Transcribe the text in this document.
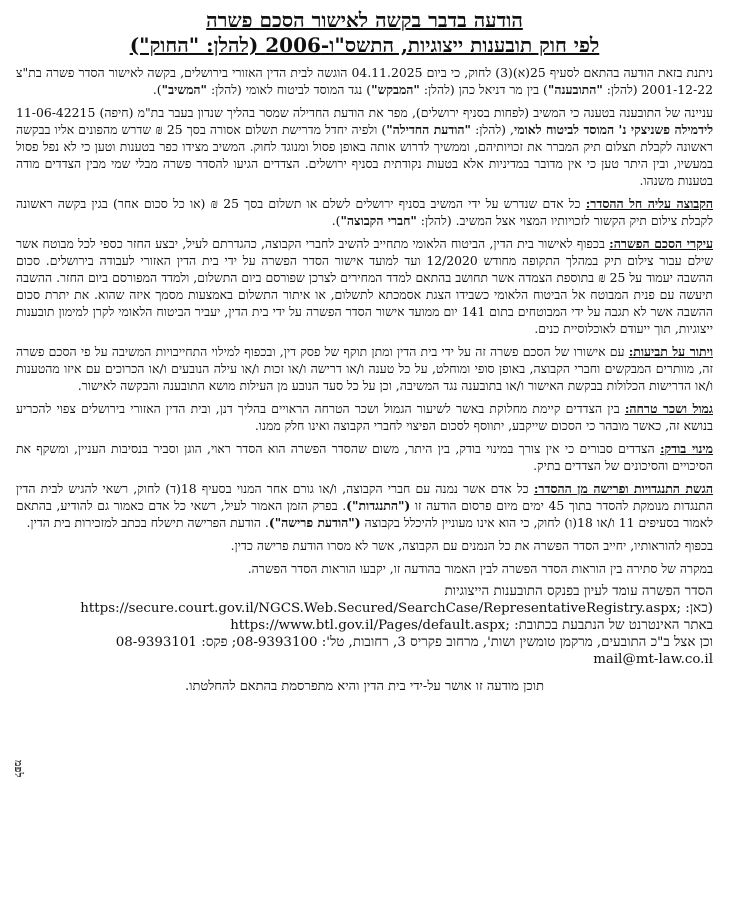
הודעה בדבר בקשה לאישור הסכם פשרה
לפי חוק תובענות ייצוגיות, התשס"ו-2006 (להלן: "החוק")

ניתנת בזאת הודעה בהתאם לסעיף 25(א)(3) לחוק, כי ביום 04.11.2025 הוגשה לבית הדין האזורי בירושלים, בקשה לאישור הסדר פשרה בת"צ 2001-12-22 (להלן: "התובענה") בין מר דניאל כהן (להלן: "המבקש") נגד המוסד לביטוח לאומי (להלן: "המשיב").

עניינה של התובענה בטענה כי המשיב (לפחות בסניף ירושלים), מפר את הודעת החדילה שמסר בהליך שנדון בעבר בת"מ (חיפה) 11-06-42215 לידמילה פשניצקי נ' המוסד לביטוח לאומי, (להלן: "הודעת החדילה") ולפיה יחדל מדרישת תשלום אסורה בסך 25 ₪ שדרש מהפונים אליו בבקשה ראשונה לקבלת תצלום תיק המברר את זכויותיהם, וממשיך לדרוש אותה באופן פסול ומנוגד לחוק. המשיב מצידו כפר בטענות וטען כי לא נפל פסול במעשיו, ובין היתר טען כי אין מדובר במדיניות אלא בטעות נקודתית בסניף ירושלים. הצדדים הגיעו להסדר פשרה מבלי שמי מבין הצדדים מודה בטענות משנהו.

הקבוצה עליה חל ההסדר: כל אדם שנדרש על ידי המשיב בסניף ירושלים לשלם או תשלום בסך 25 ₪ (או כל סכום אחר) בגין בקשה ראשונה לקבלת צילום תיק הקשור לזכויותיו המצוי אצל המשיב. (להלן: "חברי הקבוצה").

עיקרי הסכם הפשרה: בכפוף לאישור בית הדין, הביטוח הלאומי מתחייב להשיב לחברי הקבוצה, כהגדרתם לעיל, יבצע החזר כספי לכל מבוטח אשר שילם עבור צילום תיק במהלך התקופה מחודש 12/2020 ועד למועד אישור הסדר הפשרה על ידי בית הדין האזורי לעבודה בירושלים. סכום ההשבה יעמוד על 25 ₪ בתוספת הצמדה אשר תחושב בהתאם למדד המחירים לצרכן שפורסם ביום התשלום, ולמדד המפורסם ביום החזר. ההשבה תיעשה עם פנית המבוטח אל הביטוח הלאומי כשבידו הצגת אסמכתא לתשלום, או איתור התשלום באמצעות מסמך איזה שהוא. את יתרת סכום ההשבה אשר לא תגבה על ידי המבוטחים בתום 141 יום ממועד אישור הסדר הפשרה על ידי בית הדין, יעביר הביטוח הלאומי לקרן למימון תובענות ייצוגיות, תוך ייעודם לאוכלוסיית כנים.

ויתור על תביעות: עם אישורו של הסכם פשרה זה על ידי בית הדין ומתן תוקף של פסק דין, ובכפוף למילוי התחייבויות המשיבה על פי הסכם פשרה זה, מוותרים המבקשים וחברי הקבוצה, באופן סופי ומוחלט, על כל טענה ו/או דרישה ו/או זכות ו/או עילה הנובעים ו/או הכרוכים עם איזו מהטענות ו/או הדרישות הכלולות בבקשת האישור ו/או בתובענה נגד המשיבה, וכן על כל סעד הנובע מן העילות מושא התובענה והבקשה לאישור.

גמול ושכר טרחה: בין הצדדים קיימת מחלוקת באשר לשיעור הגמול ושכר הטרחה הראויים בהליך דנן, ובית הדין האזורי בירושלים צפוי להכריע בנושא זה, כאשר מובהר כי הסכום שייקבע, יתווסף לסכום הפיצוי לחברי הקבוצה ואינו חלק ממנו.

מינוי בודק: הצדדים סבורים כי אין צורך במינוי בודק, בין היתר, משום שהסדר הפשרה הוא הסדר ראוי, הוגן וסביר בנסיבות העניין, ומשקף את הסיכויים והסיכונים של הצדדים בתיק.

הגשת התנגדויות ופרישה מן ההסדר: כל אדם אשר נמנה עם חברי הקבוצה, ו/או גורם אחר המנוי בסעיף 18(ד) לחוק, רשאי להגיש לבית הדין התנגדות מנומקת להסדר בתוך 45 ימים מיום פרסום הודעה זו ("התנגדות"). בפרק הזמן האמור לעיל, רשאי כל אדם כאמור גם להודיע, בהתאם לאמור בסעיפים 11 ו/או 18(ו) לחוק, כי הוא אינו מעוניין להיכלל בקבוצה ("הודעת פרישה"). הודעת הפרישה תישלח בכתב למזכירות בית הדין.

בכפוף להוראותיו, יחייב הסדר הפשרה את כל הנמנים עם הקבוצה, אשר לא מסרו הודעת פרישה כדין.

במקרה של סתירה בין הוראות הסדר הפשרה לבין האמור בהודעה זו, יקבעו הוראות הסדר הפשרה.

הסדר הפשרה עומד לעיון בפנקס התובענות הייצוגיות
(כאן: https://secure.court.gov.il/NGCS.Web.Secured/SearchCase/RepresentativeRegistry.aspx;
באתר האינטרנט של הנתבעת בכתובת: https://www.btl.gov.il/Pages/default.aspx;
וכן אצל ב"כ התובעים, מרקמן טומשין ושות', מרחוב פקריס 3, רחובות, טל': 08-9393100; פקס: 08-9393101
mail@mt-law.co.il
תוכן מודעה זו אושר על-ידי בית הדין והיא מתפרסמת בהתאם להחלטתו.
לפמ
